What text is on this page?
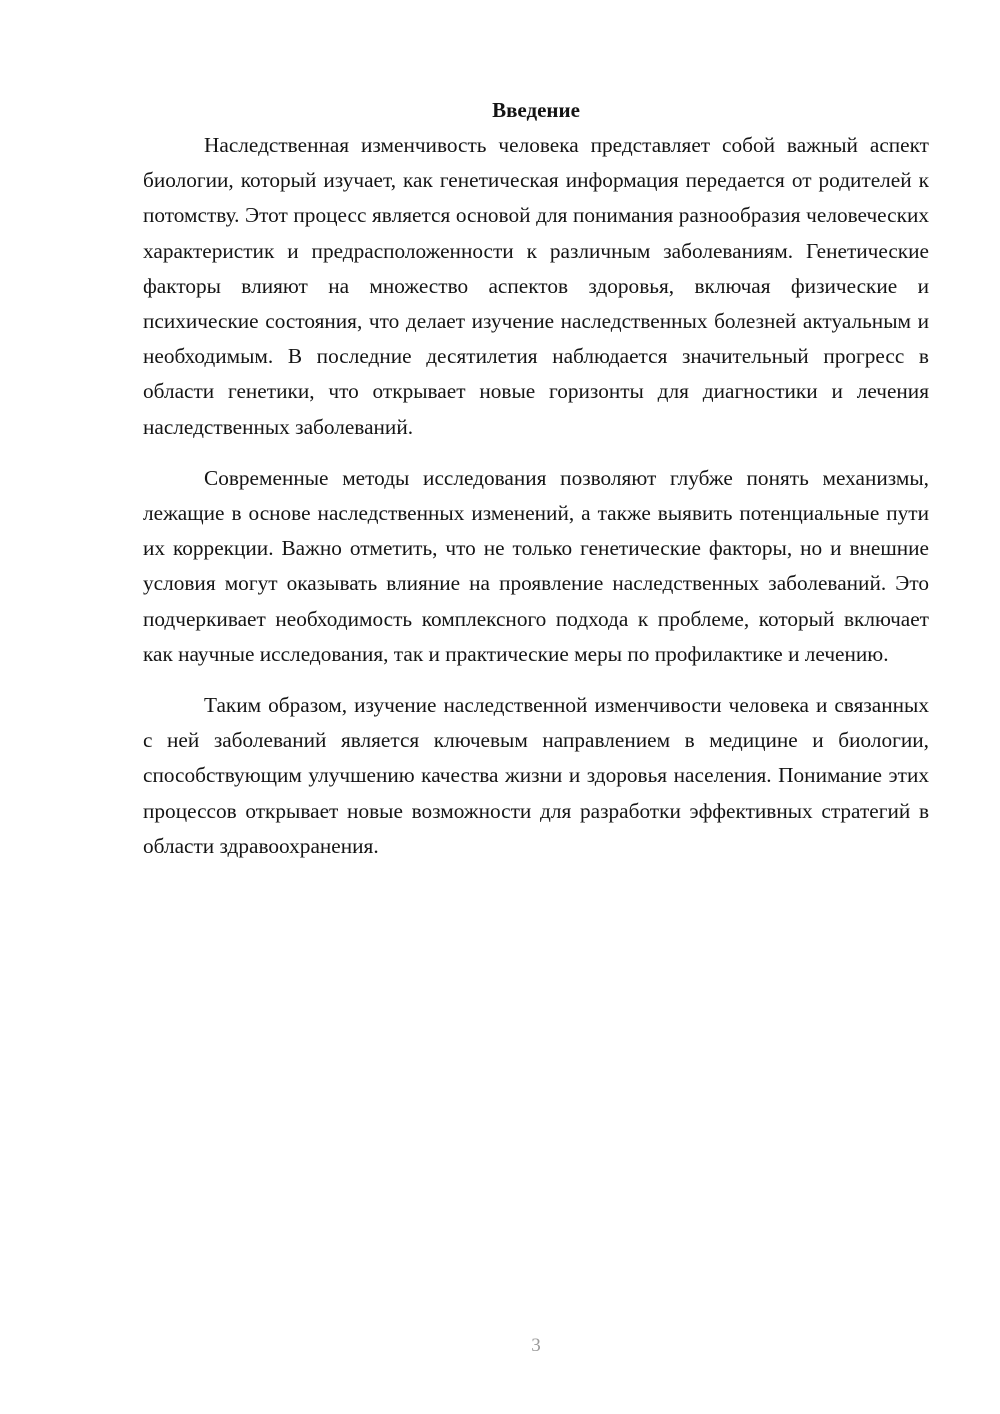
Введение

Наследственная изменчивость человека представляет собой важный аспект биологии, который изучает, как генетическая информация передается от родителей к потомству. Этот процесс является основой для понимания разнообразия человеческих характеристик и предрасположенности к различным заболеваниям. Генетические факторы влияют на множество аспектов здоровья, включая физические и психические состояния, что делает изучение наследственных болезней актуальным и необходимым. В последние десятилетия наблюдается значительный прогресс в области генетики, что открывает новые горизонты для диагностики и лечения наследственных заболеваний.

Современные методы исследования позволяют глубже понять механизмы, лежащие в основе наследственных изменений, а также выявить потенциальные пути их коррекции. Важно отметить, что не только генетические факторы, но и внешние условия могут оказывать влияние на проявление наследственных заболеваний. Это подчеркивает необходимость комплексного подхода к проблеме, который включает как научные исследования, так и практические меры по профилактике и лечению.

Таким образом, изучение наследственной изменчивости человека и связанных с ней заболеваний является ключевым направлением в медицине и биологии, способствующим улучшению качества жизни и здоровья населения. Понимание этих процессов открывает новые возможности для разработки эффективных стратегий в области здравоохранения.

3
